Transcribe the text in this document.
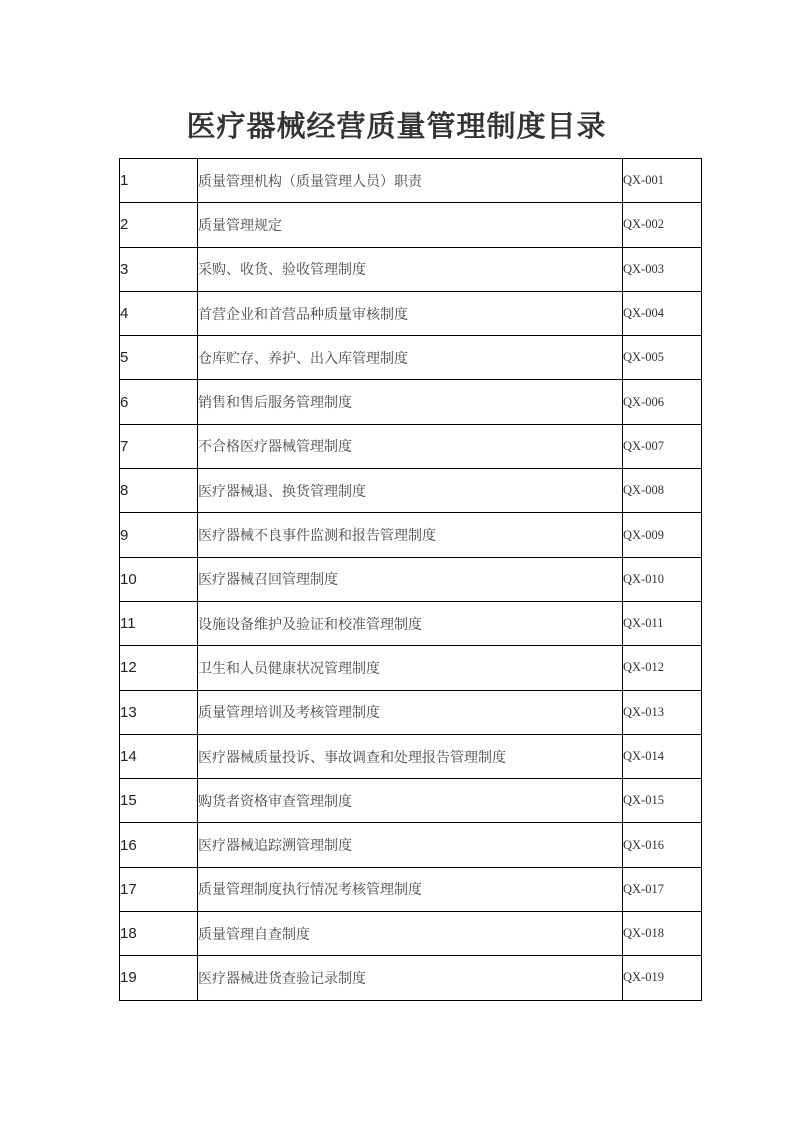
医疗器械经营质量管理制度目录
1	质量管理机构（质量管理人员）职责	QX-001
2	质量管理规定	QX-002
3	采购、收货、验收管理制度	QX-003
4	首营企业和首营品种质量审核制度	QX-004
5	仓库贮存、养护、出入库管理制度	QX-005
6	销售和售后服务管理制度	QX-006
7	不合格医疗器械管理制度	QX-007
8	医疗器械退、换货管理制度	QX-008
9	医疗器械不良事件监测和报告管理制度	QX-009
10	医疗器械召回管理制度	QX-010
11	设施设备维护及验证和校准管理制度	QX-011
12	卫生和人员健康状况管理制度	QX-012
13	质量管理培训及考核管理制度	QX-013
14	医疗器械质量投诉、事故调查和处理报告管理制度	QX-014
15	购货者资格审查管理制度	QX-015
16	医疗器械追踪溯管理制度	QX-016
17	质量管理制度执行情况考核管理制度	QX-017
18	质量管理自查制度	QX-018
19	医疗器械进货查验记录制度	QX-019
